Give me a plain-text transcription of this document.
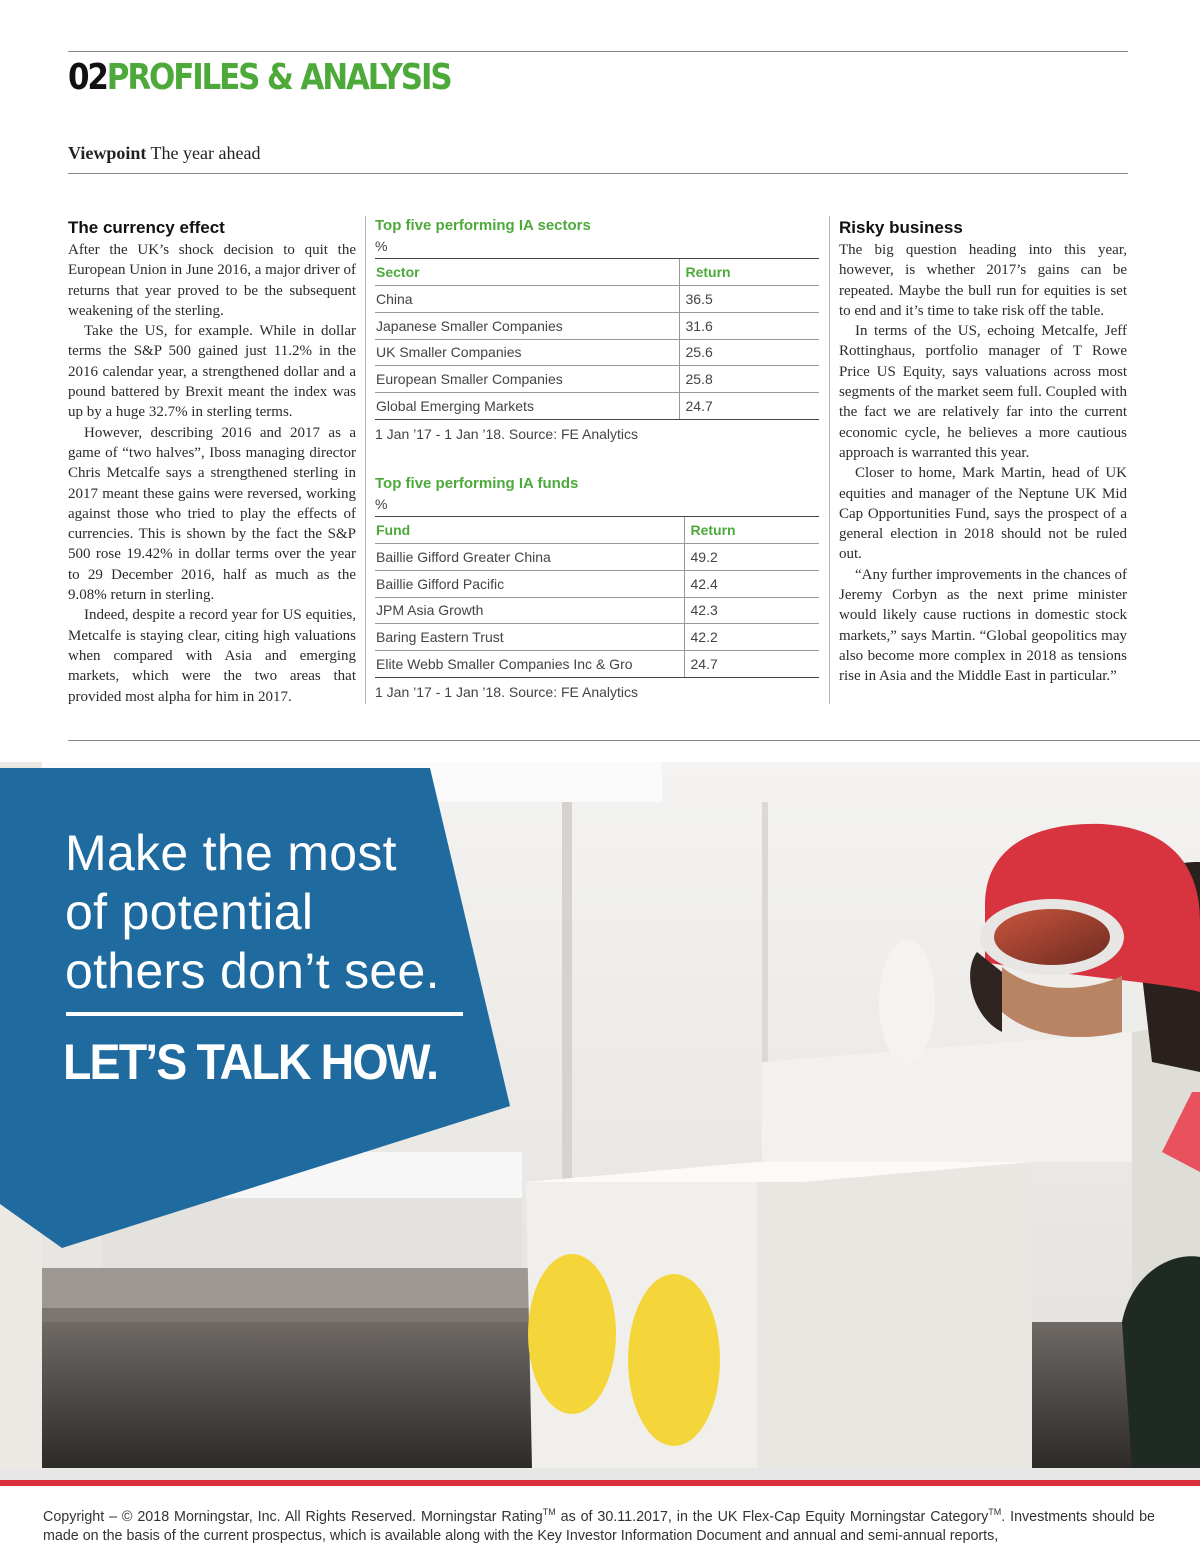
02PROFILES & ANALYSIS
Viewpoint The year ahead
The currency effect

After the UK’s shock decision to quit the European Union in June 2016, a major driver of returns that year proved to be the subsequent weakening of the sterling.

Take the US, for example. While in dollar terms the S&P 500 gained just 11.2% in the 2016 calendar year, a strengthened dollar and a pound battered by Brexit meant the index was up by a huge 32.7% in sterling terms.

However, describing 2016 and 2017 as a game of “two halves”, Iboss managing director Chris Metcalfe says a strengthened sterling in 2017 meant these gains were reversed, working against those who tried to play the effects of currencies. This is shown by the fact the S&P 500 rose 19.42% in dollar terms over the year to 29 December 2016, half as much as the 9.08% return in sterling.

Indeed, despite a record year for US equities, Metcalfe is staying clear, citing high valuations when compared with Asia and emerging markets, which were the two areas that provided most alpha for him in 2017.

Top five performing IA sectors
%
Sector	Return
China	36.5
Japanese Smaller Companies	31.6
UK Smaller Companies	25.6
European Smaller Companies	25.8
Global Emerging Markets	24.7
1 Jan ’17 - 1 Jan ’18. Source: FE Analytics
Top five performing IA funds
%
Fund	Return
Baillie Gifford Greater China	49.2
Baillie Gifford Pacific	42.4
JPM Asia Growth	42.3
Baring Eastern Trust	42.2
Elite Webb Smaller Companies Inc & Gro	24.7
1 Jan ’17 - 1 Jan ’18. Source: FE Analytics
Risky business

The big question heading into this year, however, is whether 2017’s gains can be repeated. Maybe the bull run for equities is set to end and it’s time to take risk off the table.

In terms of the US, echoing Metcalfe, Jeff Rottinghaus, portfolio manager of T Rowe Price US Equity, says valuations across most segments of the market seem full. Coupled with the fact we are relatively far into the current economic cycle, he believes a more cautious approach is warranted this year.

Closer to home, Mark Martin, head of UK equities and manager of the Neptune UK Mid Cap Opportunities Fund, says the prospect of a general election in 2018 should not be ruled out.

“Any further improvements in the chances of Jeremy Corbyn as the next prime minister would likely cause ructions in domestic stock markets,” says Martin. “Global geopolitics may also become more complex in 2018 as tensions rise in Asia and the Middle East in particular.”

Make the most
of potential
others don’t see.
LET’S TALK HOW.
Copyright – © 2018 Morningstar, Inc. All Rights Reserved. Morningstar Rating™ as of 30.11.2017, in the UK Flex-Cap Equity Morningstar Category™. Investments should be made on the basis of the current prospectus, which is available along with the Key Investor Information Document and annual and semi-annual reports,
